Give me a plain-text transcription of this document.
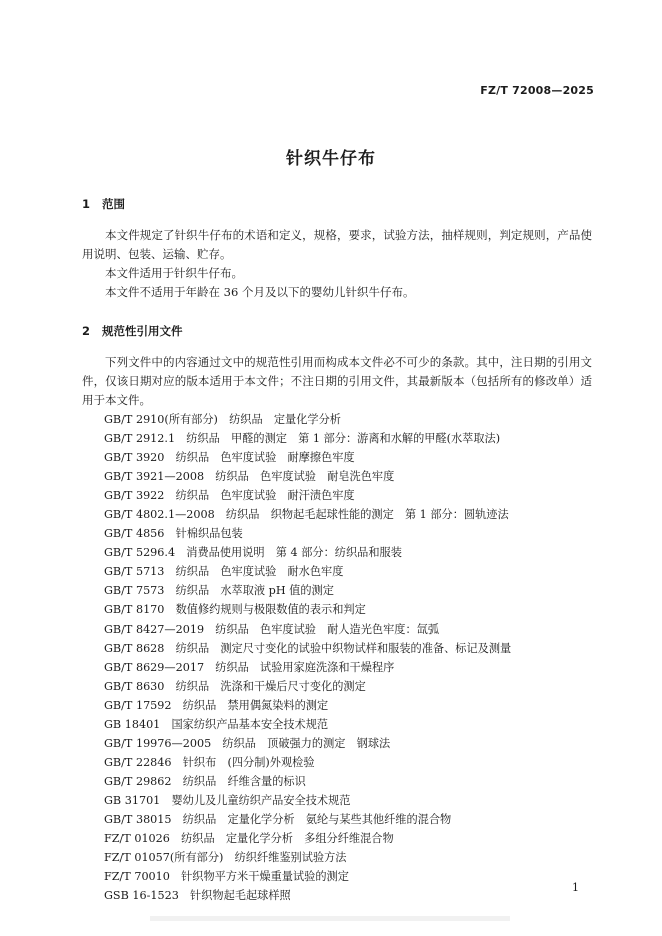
FZ/T 72008—2025
针织牛仔布
1 范围

本文件规定了针织牛仔布的术语和定义，规格，要求，试验方法，抽样规则，判定规则，产品使用说明、包装、运输、贮存。

本文件适用于针织牛仔布。

本文件不适用于年龄在 36 个月及以下的婴幼儿针织牛仔布。

2 规范性引用文件

下列文件中的内容通过文中的规范性引用而构成本文件必不可少的条款。其中，注日期的引用文件，仅该日期对应的版本适用于本文件；不注日期的引用文件，其最新版本（包括所有的修改单）适用于本文件。

GB/T 2910(所有部分)　纺织品　定量化学分析
GB/T 2912.1　纺织品　甲醛的测定　第 1 部分：游离和水解的甲醛(水萃取法)
GB/T 3920　纺织品　色牢度试验　耐摩擦色牢度
GB/T 3921—2008　纺织品　色牢度试验　耐皂洗色牢度
GB/T 3922　纺织品　色牢度试验　耐汗渍色牢度
GB/T 4802.1—2008　纺织品　织物起毛起球性能的测定　第 1 部分：圆轨迹法
GB/T 4856　针棉织品包装
GB/T 5296.4　消费品使用说明　第 4 部分：纺织品和服装
GB/T 5713　纺织品　色牢度试验　耐水色牢度
GB/T 7573　纺织品　水萃取液 pH 值的测定
GB/T 8170　数值修约规则与极限数值的表示和判定
GB/T 8427—2019　纺织品　色牢度试验　耐人造光色牢度：氙弧
GB/T 8628　纺织品　测定尺寸变化的试验中织物试样和服装的准备、标记及测量
GB/T 8629—2017　纺织品　试验用家庭洗涤和干燥程序
GB/T 8630　纺织品　洗涤和干燥后尺寸变化的测定
GB/T 17592　纺织品　禁用偶氮染料的测定
GB 18401　国家纺织产品基本安全技术规范
GB/T 19976—2005　纺织品　顶破强力的测定　钢球法
GB/T 22846　针织布　(四分制)外观检验
GB/T 29862　纺织品　纤维含量的标识
GB 31701　婴幼儿及儿童纺织产品安全技术规范
GB/T 38015　纺织品　定量化学分析　氨纶与某些其他纤维的混合物
FZ/T 01026　纺织品　定量化学分析　多组分纤维混合物
FZ/T 01057(所有部分)　纺织纤维鉴别试验方法
FZ/T 70010　针织物平方米干燥重量试验的测定
GSB 16-1523　针织物起毛起球样照
1
